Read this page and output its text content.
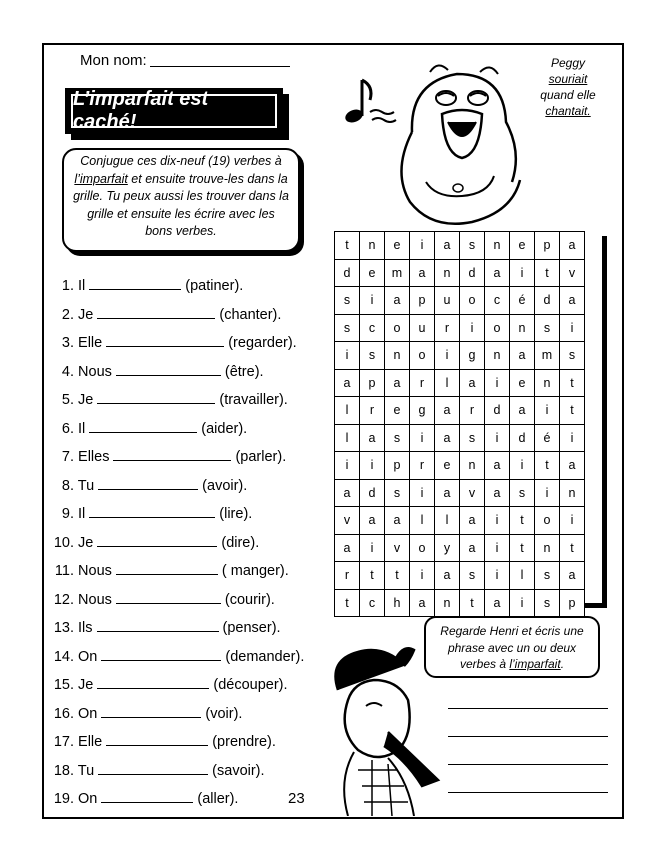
Mon nom:
L’imparfait est caché!
Conjugue ces dix-neuf (19) verbes à l’imparfait et ensuite trouve-les dans la grille. Tu peux aussi les trouver dans la grille et ensuite les écrire avec les bons verbes.
Peggy
souriait
quand elle
chantait.
1. Il	(patiner).
2. Je	(chanter).
3. Elle	(regarder).
4. Nous	(être).
5. Je	(travailler).
6. Il	(aider).
7. Elles	(parler).
8. Tu	(avoir).
9. Il	(lire).
10. Je	(dire).
11. Nous	( manger).
12. Nous	(courir).
13. Ils	(penser).
14. On	(demander).
15. Je	(découper).
16. On	(voir).
17. Elle	(prendre).
18. Tu	(savoir).
19. On	(aller).
t	n	e	i	a	s	n	e	p	a
d	e	m	a	n	d	a	i	t	v
s	i	a	p	u	o	c	é	d	a
s	c	o	u	r	i	o	n	s	i
i	s	n	o	i	g	n	a	m	s
a	p	a	r	l	a	i	e	n	t
l	r	e	g	a	r	d	a	i	t
l	a	s	i	a	s	i	d	é	i
i	i	p	r	e	n	a	i	t	a
a	d	s	i	a	v	a	s	i	n
v	a	a	l	l	a	i	t	o	i
a	i	v	o	y	a	i	t	n	t
r	t	t	i	a	s	i	l	s	a
t	c	h	a	n	t	a	i	s	p
Regarde Henri et écris une phrase avec un ou deux verbes à l’imparfait.
23
